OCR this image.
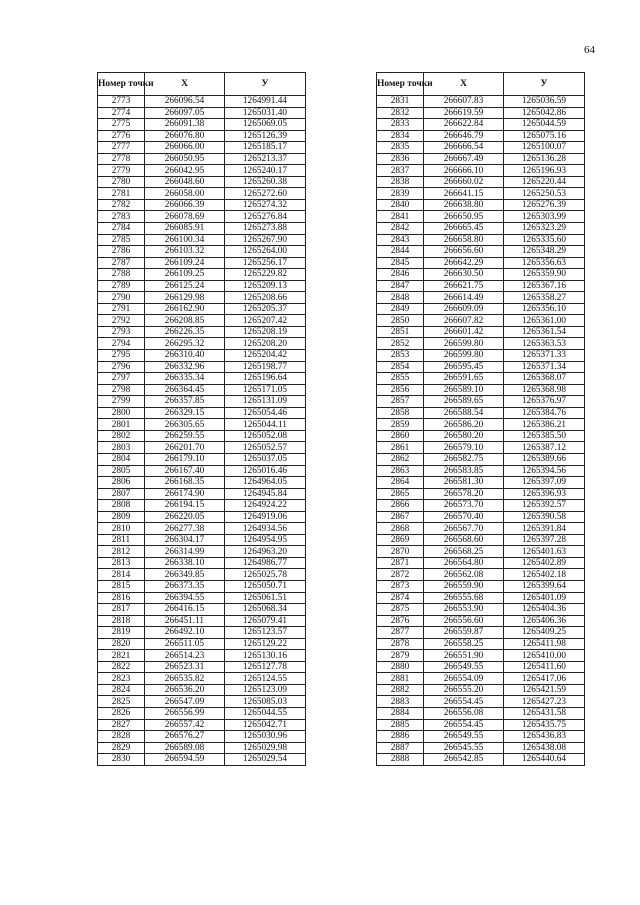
64
Номер точки	X	У
2773	266096.54	1264991.44
2774	266097.05	1265031.40
2775	266091.38	1265069.05
2776	266076.80	1265126.39
2777	266066.00	1265185.17
2778	266050.95	1265213.37
2779	266042.95	1265240.17
2780	266048.60	1265260.38
2781	266058.00	1265272.60
2782	266066.39	1265274.32
2783	266078.69	1265276.84
2784	266085.91	1265273.88
2785	266100.34	1265267.90
2786	266103.32	1265264.00
2787	266109.24	1265256.17
2788	266109.25	1265229.82
2789	266125.24	1265209.13
2790	266129.98	1265208.66
2791	266162.90	1265205.37
2792	266208.85	1265207.42
2793	266226.35	1265208.19
2794	266295.32	1265208.20
2795	266310.40	1265204.42
2796	266332.96	1265198.77
2797	266335.34	1265196.64
2798	266364.45	1265171.05
2799	266357.85	1265131.09
2800	266329.15	1265054.46
2801	266305.65	1265044.11
2802	266259.55	1265052.08
2803	266201.70	1265052.57
2804	266179.10	1265037.05
2805	266167.40	1265016.46
2806	266168.35	1264964.05
2807	266174.90	1264945.84
2808	266194.15	1264924.22
2809	266220.05	1264919.06
2810	266277.38	1264934.56
2811	266304.17	1264954.95
2812	266314.99	1264963.20
2813	266338.10	1264986.77
2814	266349.85	1265025.78
2815	266373.35	1265050.71
2816	266394.55	1265061.51
2817	266416.15	1265068.34
2818	266451.11	1265079.41
2819	266492.10	1265123.57
2820	266511.05	1265129.22
2821	266514.23	1265130.16
2822	266523.31	1265127.78
2823	266535.82	1265124.55
2824	266536.20	1265123.09
2825	266547.09	1265085.03
2826	266556.99	1265044.55
2827	266557.42	1265042.71
2828	266576.27	1265030.96
2829	266589.08	1265029.98
2830	266594.59	1265029.54
Номер точки	X	У
2831	266607.83	1265036.59
2832	266619.59	1265042.86
2833	266622.84	1265044.59
2834	266646.79	1265075.16
2835	266666.54	1265100.07
2836	266667.49	1265136.28
2837	266666.10	1265196.93
2838	266660.02	1265220.44
2839	266641.15	1265250.53
2840	266638.80	1265276.39
2841	266650.95	1265303.99
2842	266665.45	1265323.29
2843	266658.80	1265335.60
2844	266656.60	1265348.29
2845	266642.29	1265356.63
2846	266630.50	1265359.90
2847	266621.75	1265367.16
2848	266614.49	1265358.27
2849	266609.09	1265356.10
2850	266607.82	1265361.00
2851	266601.42	1265361.54
2852	266599.80	1265363.53
2853	266599.80	1265371.33
2854	266595.45	1265371.34
2855	266591.65	1265368.07
2856	266589.10	1265368.98
2857	266589.65	1265376.97
2858	266588.54	1265384.76
2859	266586.20	1265386.21
2860	266580.20	1265385.50
2861	266579.10	1265387.12
2862	266582.75	1265389.66
2863	266583.85	1265394.56
2864	266581.30	1265397.09
2865	266578.20	1265396.93
2866	266573.70	1265392.57
2867	266570.40	1265390.58
2868	266567.70	1265391.84
2869	266568.60	1265397.28
2870	266568.25	1265401.63
2871	266564.80	1265402.89
2872	266562.08	1265402.18
2873	266559.90	1265399.64
2874	266555.68	1265401.09
2875	266553.90	1265404.36
2876	266556.60	1265406.36
2877	266559.87	1265409.25
2878	266558.25	1265411.98
2879	266551.90	1265410.00
2880	266549.55	1265411.60
2881	266554.09	1265417.06
2882	266555.20	1265421.59
2883	266554.45	1265427.23
2884	266556.08	1265431.58
2885	266554.45	1265435.75
2886	266549.55	1265436.83
2887	266545.55	1265438.08
2888	266542.85	1265440.64
